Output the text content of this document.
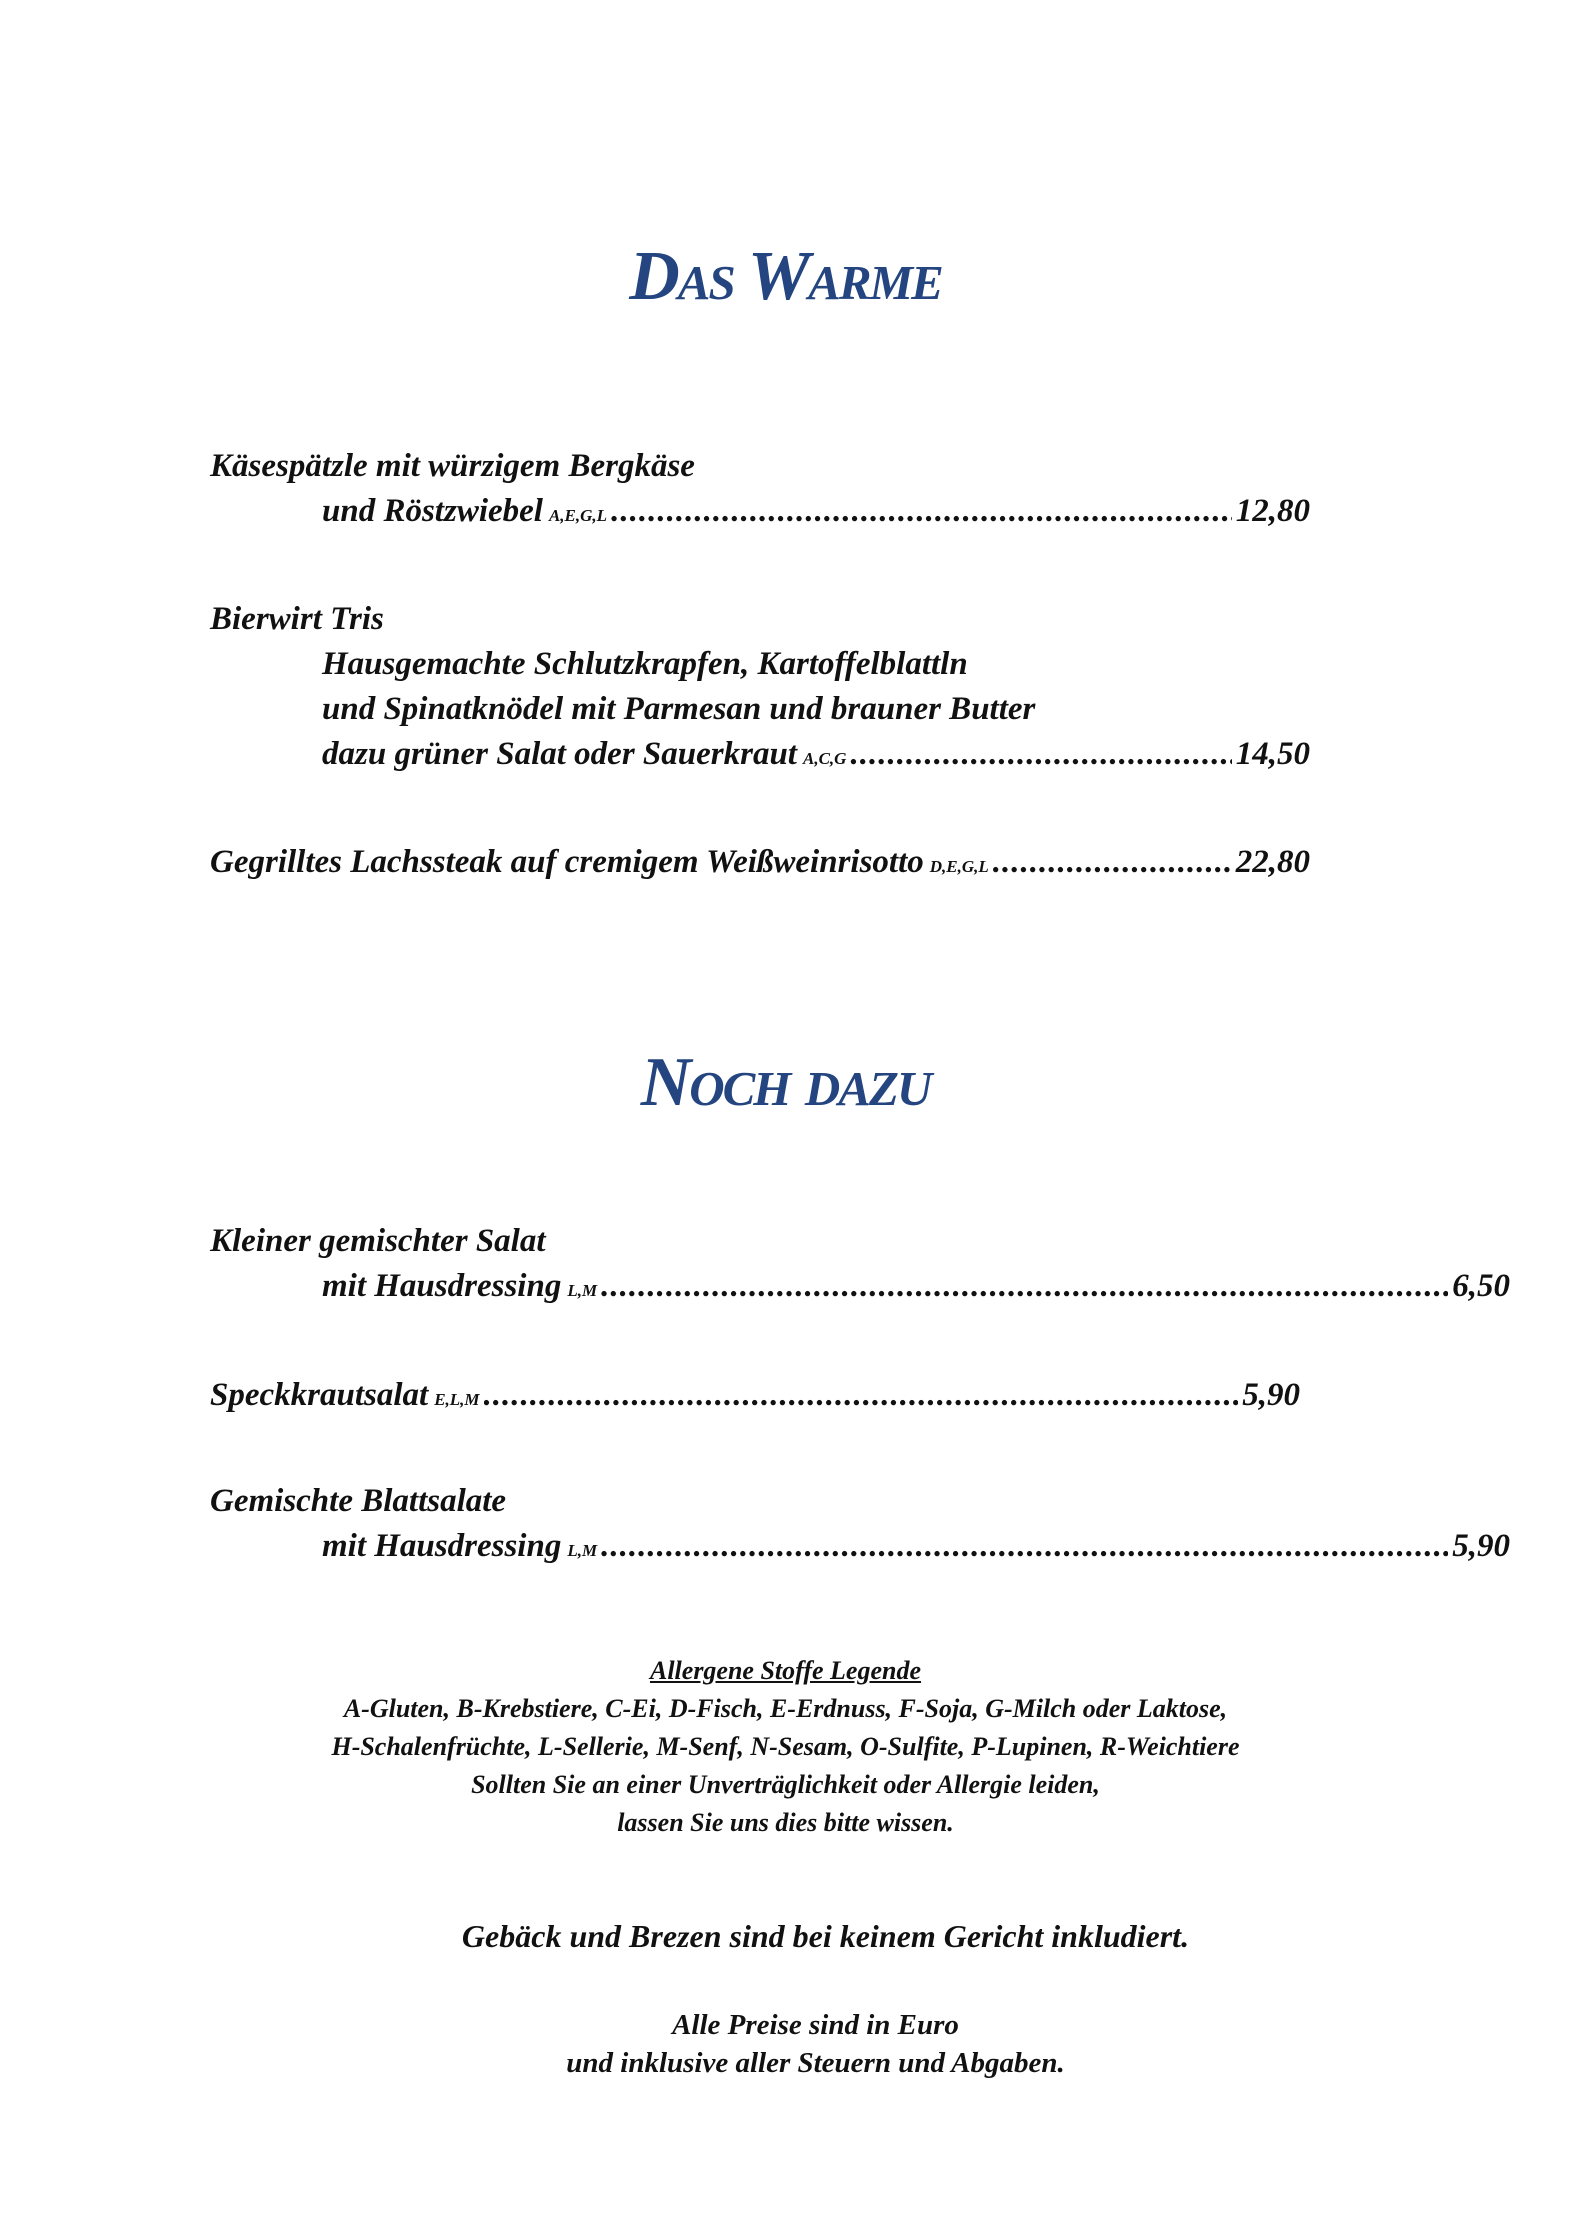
Das Warme
Käsespätzle mit würzigem Bergkäse
und Röstzwiebel A,E,G,L .....	12,80
Bierwirt Tris
Hausgemachte Schlutzkrapfen, Kartoffelblattln
und Spinatknödel mit Parmesan und brauner Butter
dazu grüner Salat oder Sauerkraut A,C,G .....	14,50
Gegrilltes Lachssteak auf cremigem Weißweinrisotto D,E,G,L .....	22,80
Noch dazu
Kleiner gemischter Salat
mit Hausdressing L,M .....	6,50
Speckkrautsalat E,L,M .....	5,90
Gemischte Blattsalate
mit Hausdressing L,M .....	5,90
Allergene Stoffe Legende
A-Gluten, B-Krebstiere, C-Ei, D-Fisch, E-Erdnuss, F-Soja, G-Milch oder Laktose,
H-Schalenfrüchte, L-Sellerie, M-Senf, N-Sesam, O-Sulfite, P-Lupinen, R-Weichtiere
Sollten Sie an einer Unverträglichkeit oder Allergie leiden,
lassen Sie uns dies bitte wissen.
Gebäck und Brezen sind bei keinem Gericht inkludiert.
Alle Preise sind in Euro
und inklusive aller Steuern und Abgaben.
